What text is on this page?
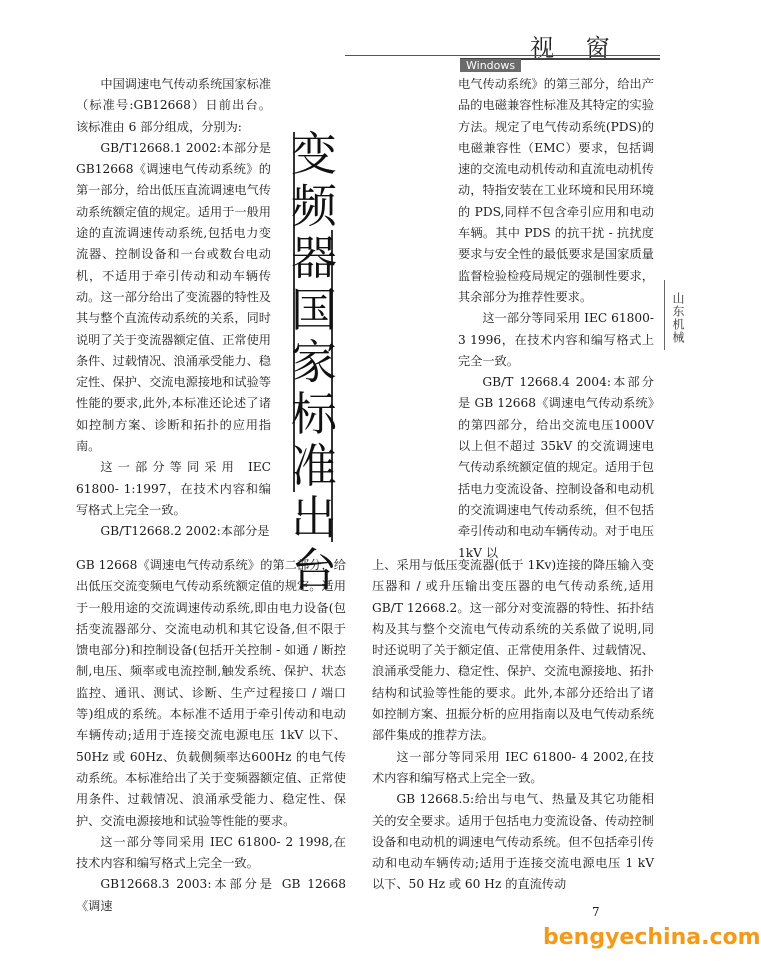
视 窗
Windows

中国调速电气传动系统国家标准（标准号:GB12668）日前出台。该标准由 6 部分组成，分别为:

GB/T12668.1 2002:本部分是GB12668《调速电气传动系统》的第一部分，给出低压直流调速电气传动系统额定值的规定。适用于一般用途的直流调速传动系统,包括电力变流器、控制设备和一台或数台电动机，不适用于牵引传动和动车辆传动。这一部分给出了变流器的特性及其与整个直流传动系统的关系，同时说明了关于变流器额定值、正常使用条件、过载情况、浪涌承受能力、稳定性、保护、交流电源接地和试验等性能的要求,此外,本标准还论述了诸如控制方案、诊断和拓扑的应用指南。

这一部分等同采用 IEC 61800- 1:1997，在技术内容和编写格式上完全一致。

GB/T12668.2 2002:本部分是

变频器国家标准出台

电气传动系统》的第三部分，给出产品的电磁兼容性标准及其特定的实验方法。规定了电气传动系统(PDS)的电磁兼容性（EMC）要求，包括调速的交流电动机传动和直流电动机传动，特指安装在工业环境和民用环境的 PDS,同样不包含牵引应用和电动车辆。其中 PDS 的抗干扰 - 抗扰度要求与安全性的最低要求是国家质量监督检验检疫局规定的强制性要求，其余部分为推荐性要求。

这一部分等同采用 IEC 61800- 3 1996，在技术内容和编写格式上完全一致。

GB/T 12668.4 2004:本部分是 GB 12668《调速电气传动系统》的第四部分，给出交流电压1000V 以上但不超过 35kV 的交流调速电气传动系统额定值的规定。适用于包括电力变流设备、控制设备和电动机的交流调速电气传动系统，但不包括牵引传动和电动车辆传动。对于电压 1kV 以

GB 12668《调速电气传动系统》的第二部分，给出低压交流变频电气传动系统额定值的规定。适用于一般用途的交流调速传动系统,即由电力设备(包括变流器部分、交流电动机和其它设备,但不限于馈电部分)和控制设备(包括开关控制 - 如通 / 断控制,电压、频率或电流控制,触发系统、保护、状态监控、通讯、测试、诊断、生产过程接口 / 端口等)组成的系统。本标准不适用于牵引传动和电动车辆传动;适用于连接交流电源电压 1kV 以下、50Hz 或 60Hz、负载侧频率达600Hz 的电气传动系统。本标准给出了关于变频器额定值、正常使用条件、过载情况、浪涌承受能力、稳定性、保护、交流电源接地和试验等性能的要求。

这一部分等同采用 IEC 61800- 2 1998,在技术内容和编写格式上完全一致。

GB12668.3 2003:本部分是 GB 12668《调速

上、采用与低压变流器(低于 1Kv)连接的降压输入变压器和 / 或升压输出变压器的电气传动系统,适用 GB/T 12668.2。这一部分对变流器的特性、拓扑结构及其与整个交流电气传动系统的关系做了说明,同时还说明了关于额定值、正常使用条件、过载情况、浪涌承受能力、稳定性、保护、交流电源接地、拓扑结构和试验等性能的要求。此外,本部分还给出了诸如控制方案、扭振分析的应用指南以及电气传动系统部件集成的推荐方法。

这一部分等同采用 IEC 61800- 4 2002,在技术内容和编写格式上完全一致。

GB 12668.5:给出与电气、热量及其它功能相关的安全要求。适用于包括电力变流设备、传动控制设备和电动机的调速电气传动系统。但不包括牵引传动和电动车辆传动;适用于连接交流电源电压 1 kV 以下、50 Hz 或 60 Hz 的直流传动

山东机械
7
bengyechina.com
